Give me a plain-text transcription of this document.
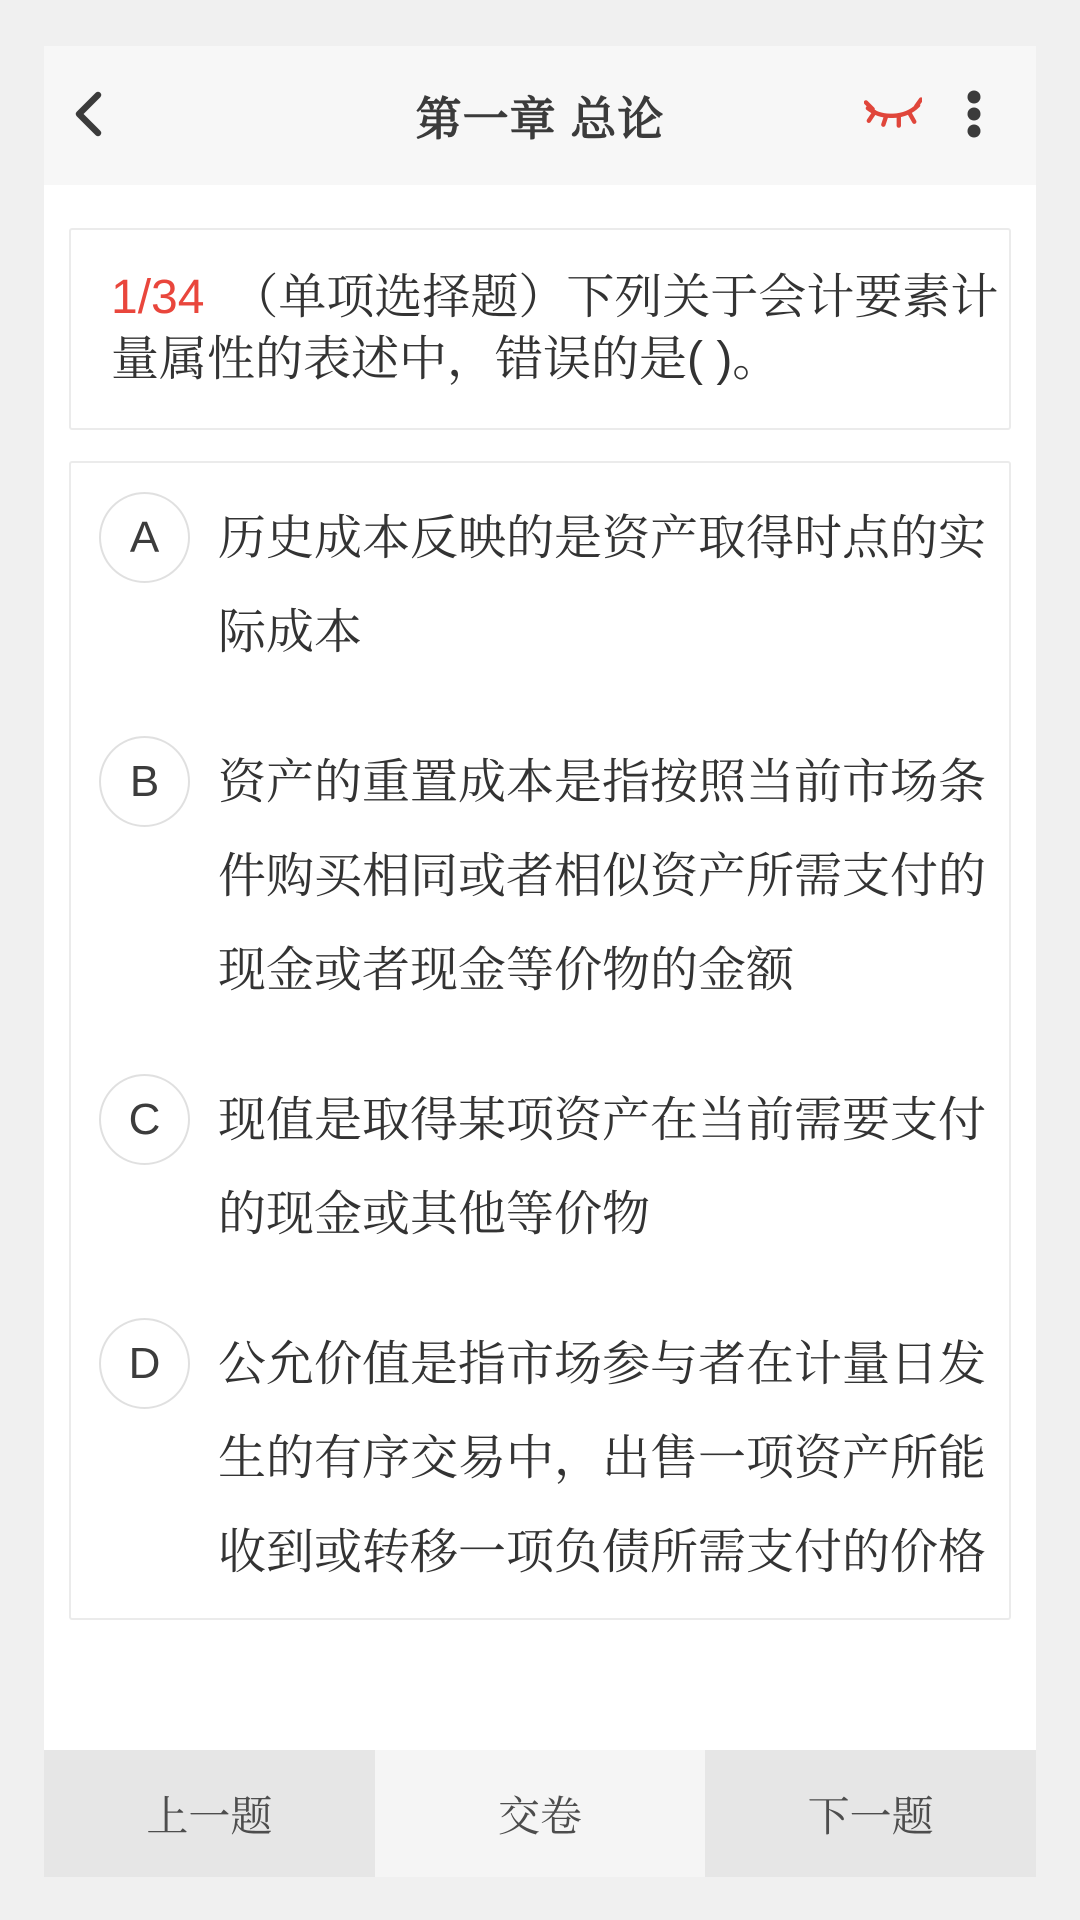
第一章 总论
1/34 （单项选择题）下列关于会计要素计量属性的表述中，错误的是( )。
A	历史成本反映的是资产取得时点的实际成本
B	资产的重置成本是指按照当前市场条件购买相同或者相似资产所需支付的现金或者现金等价物的金额
C	现值是取得某项资产在当前需要支付的现金或其他等价物
D	公允价值是指市场参与者在计量日发生的有序交易中，出售一项资产所能收到或转移一项负债所需支付的价格
上一题	交卷	下一题
